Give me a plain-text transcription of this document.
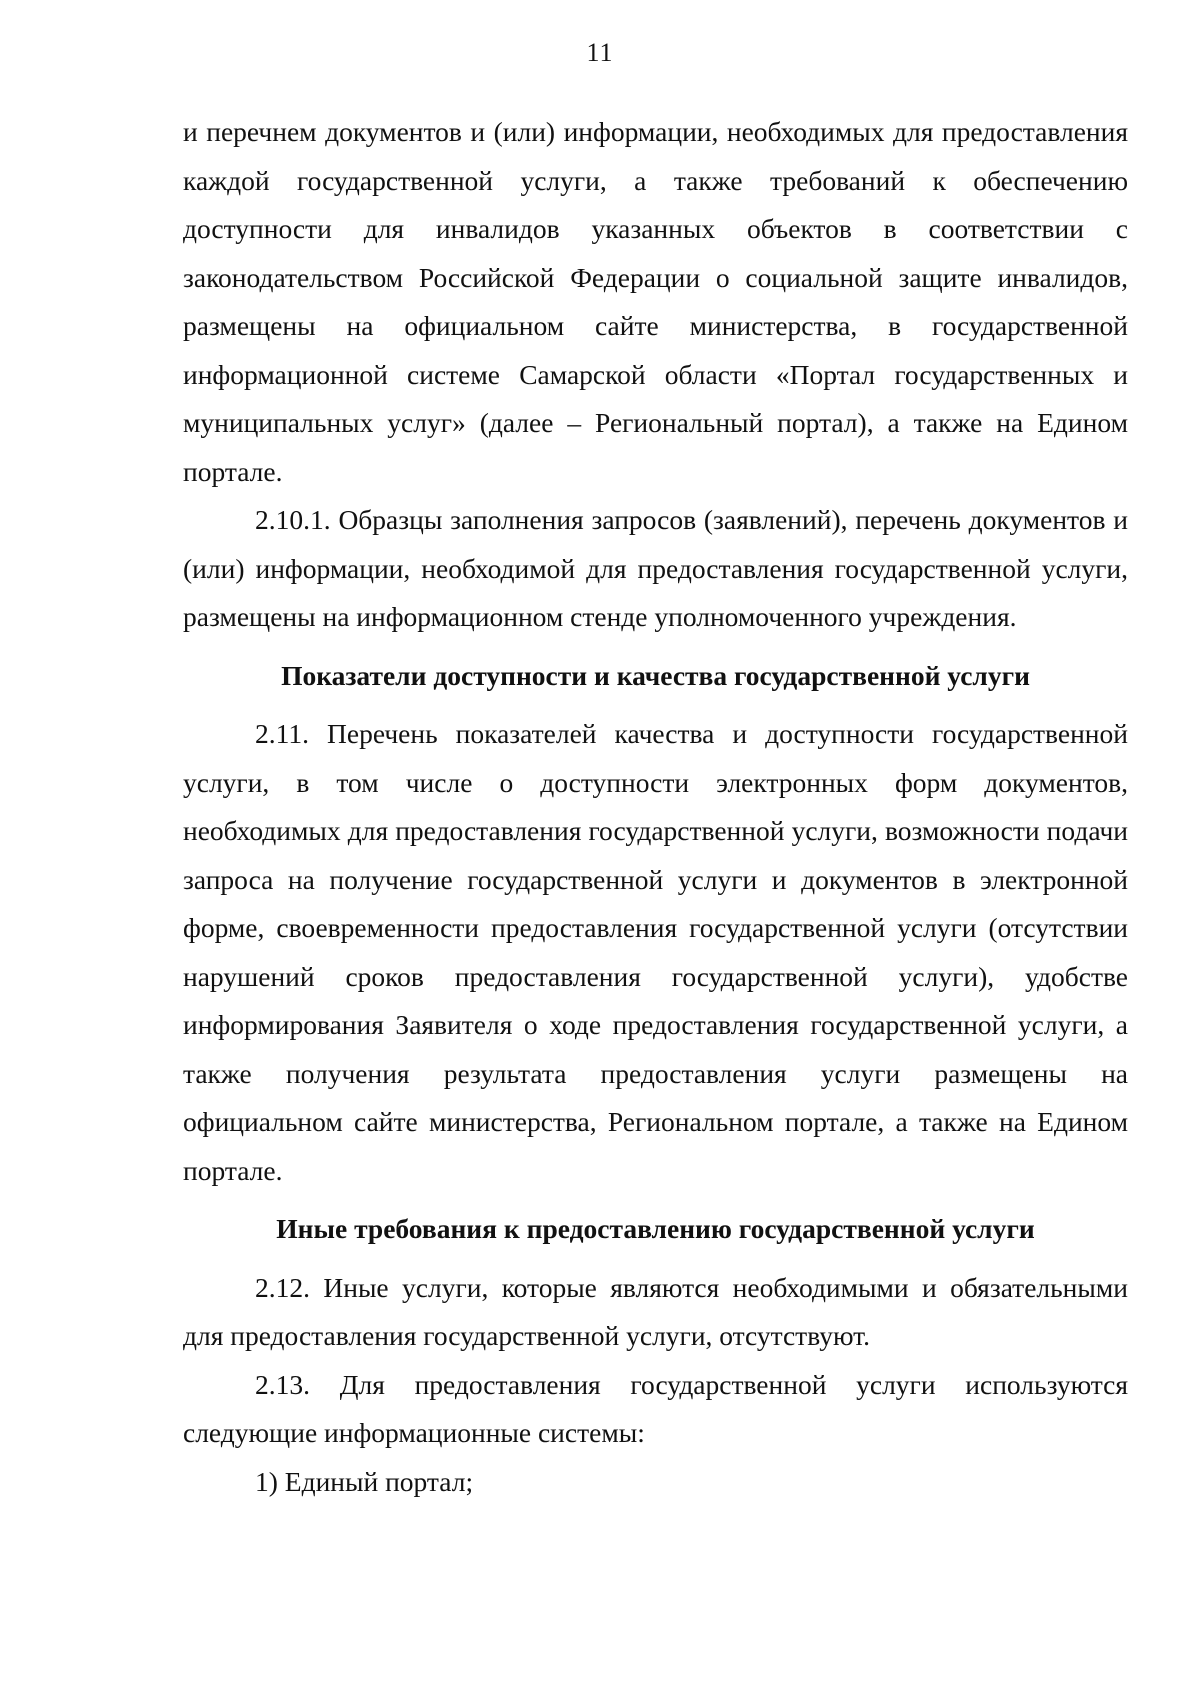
11

и перечнем документов и (или) информации, необходимых для предоставления каждой государственной услуги, а также требований к обеспечению доступности для инвалидов указанных объектов в соответствии с законодательством Российской Федерации о социальной защите инвалидов, размещены на официальном сайте министерства, в государственной информационной системе Самарской области «Портал государственных и муниципальных услуг» (далее – Региональный портал), а также на Едином портале.

2.10.1. Образцы заполнения запросов (заявлений), перечень документов и (или) информации, необходимой для предоставления государственной услуги, размещены на информационном стенде уполномоченного учреждения.

Показатели доступности и качества государственной услуги

2.11. Перечень показателей качества и доступности государственной услуги, в том числе о доступности электронных форм документов, необходимых для предоставления государственной услуги, возможности подачи запроса на получение государственной услуги и документов в электронной форме, своевременности предоставления государственной услуги (отсутствии нарушений сроков предоставления государственной услуги), удобстве информирования Заявителя о ходе предоставления государственной услуги, а также получения результата предоставления услуги размещены на официальном сайте министерства, Региональном портале, а также на Едином портале.

Иные требования к предоставлению государственной услуги

2.12. Иные услуги, которые являются необходимыми и обязательными для предоставления государственной услуги, отсутствуют.

2.13. Для предоставления государственной услуги используются следующие информационные системы:

1) Единый портал;
